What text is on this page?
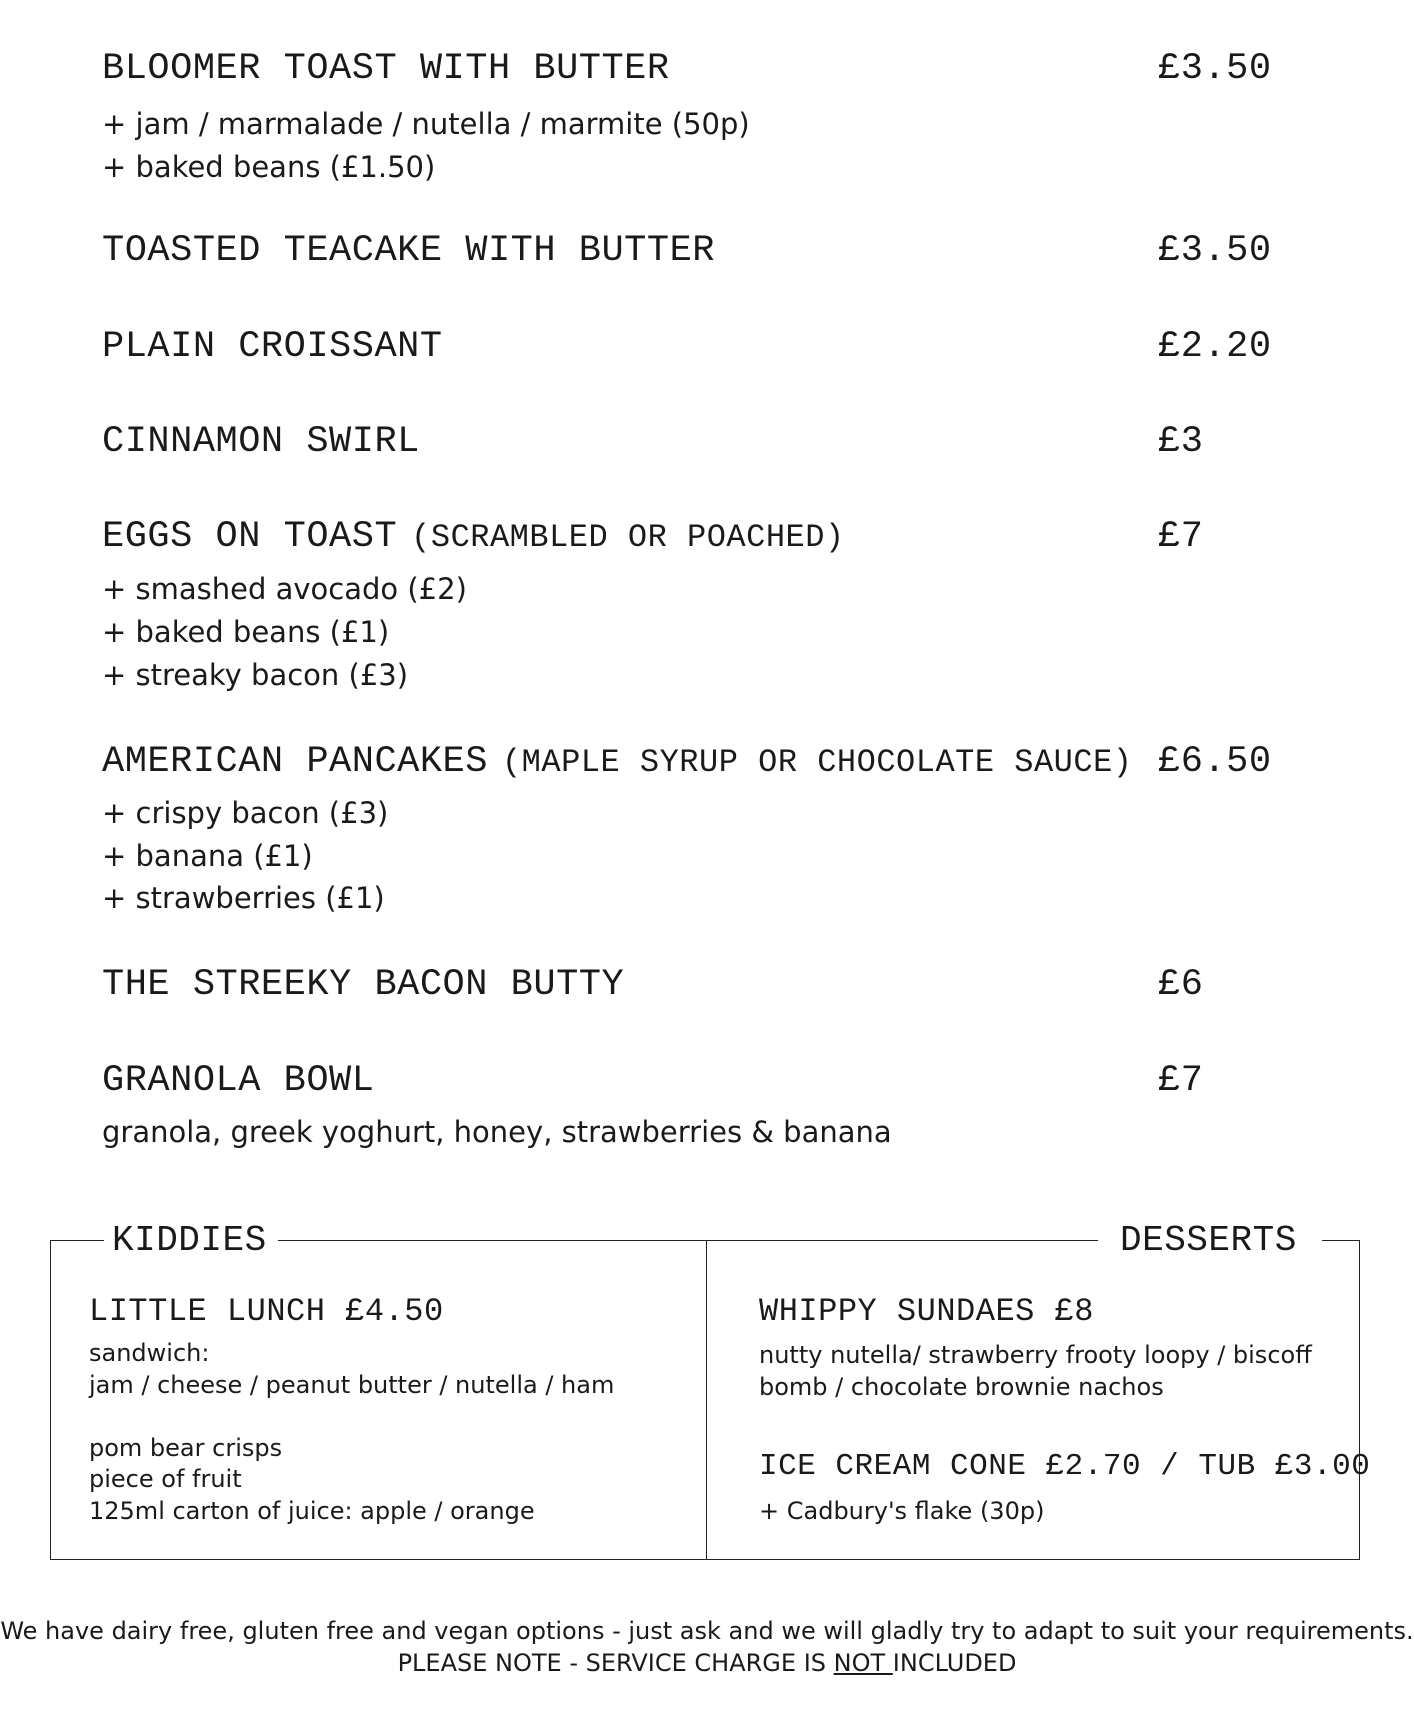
BLOOMER TOAST WITH BUTTER	£3.50
+ jam / marmalade / nutella / marmite (50p)
+ baked beans (£1.50)
TOASTED TEACAKE WITH BUTTER	£3.50
PLAIN CROISSANT	£2.20
CINNAMON SWIRL	£3
EGGS ON TOAST (SCRAMBLED OR POACHED)	£7
+ smashed avocado (£2)
+ baked beans (£1)
+ streaky bacon (£3)
AMERICAN PANCAKES (MAPLE SYRUP OR CHOCOLATE SAUCE) £6.50
+ crispy bacon (£3)
+ banana (£1)
+ strawberries (£1)
THE STREEKY BACON BUTTY	£6
GRANOLA BOWL	£7
granola, greek yoghurt, honey, strawberries & banana
KIDDIES	DESSERTS
LITTLE LUNCH £4.50
sandwich:
jam / cheese / peanut butter / nutella / ham
pom bear crisps
piece of fruit
125ml carton of juice: apple / orange
WHIPPY SUNDAES £8
nutty nutella/ strawberry frooty loopy / biscoff
bomb / chocolate brownie nachos
ICE CREAM CONE £2.70 / TUB £3.00
+ Cadbury's flake (30p)
We have dairy free, gluten free and vegan options - just ask and we will gladly try to adapt to suit your requirements.
PLEASE NOTE - SERVICE CHARGE IS NOT INCLUDED
